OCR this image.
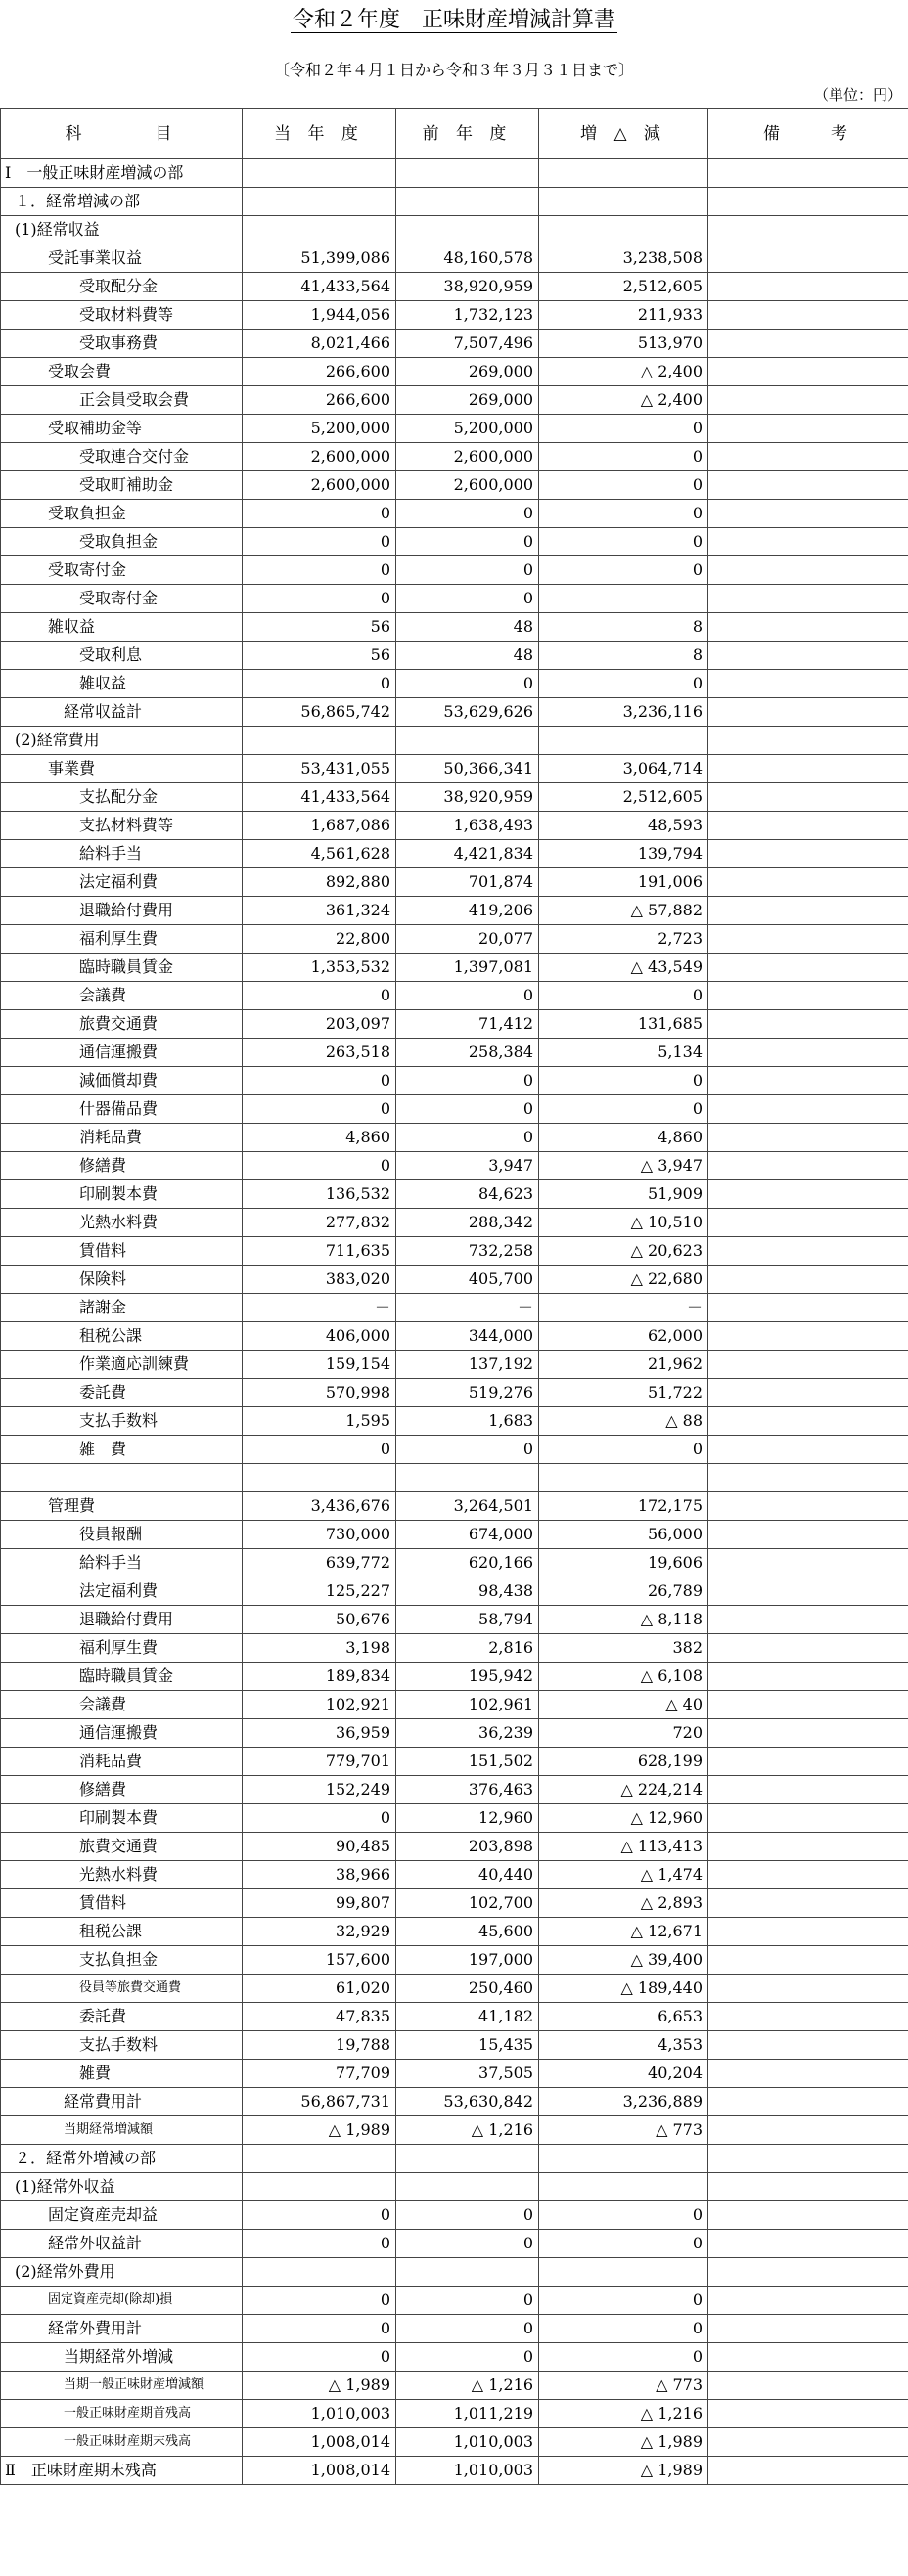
令和２年度　正味財産増減計算書
〔令和２年４月１日から令和３年３月３１日まで〕
（単位：円）
科　　　目	当 年 度	前 年 度	増 △ 減	備　　考
Ⅰ　一般正味財産増減の部				
１．経常増減の部				
(1)経常収益				
受託事業収益	51,399,086	48,160,578	3,238,508	
受取配分金	41,433,564	38,920,959	2,512,605	
受取材料費等	1,944,056	1,732,123	211,933	
受取事務費	8,021,466	7,507,496	513,970	
受取会費	266,600	269,000	△ 2,400	
正会員受取会費	266,600	269,000	△ 2,400	
受取補助金等	5,200,000	5,200,000	0	
受取連合交付金	2,600,000	2,600,000	0	
受取町補助金	2,600,000	2,600,000	0	
受取負担金	0	0	0	
受取負担金	0	0	0	
受取寄付金	0	0	0	
受取寄付金	0	0		
雑収益	56	48	8	
受取利息	56	48	8	
雑収益	0	0	0	
経常収益計	56,865,742	53,629,626	3,236,116	
(2)経常費用				
事業費	53,431,055	50,366,341	3,064,714	
支払配分金	41,433,564	38,920,959	2,512,605	
支払材料費等	1,687,086	1,638,493	48,593	
給料手当	4,561,628	4,421,834	139,794	
法定福利費	892,880	701,874	191,006	
退職給付費用	361,324	419,206	△ 57,882	
福利厚生費	22,800	20,077	2,723	
臨時職員賃金	1,353,532	1,397,081	△ 43,549	
会議費	0	0	0	
旅費交通費	203,097	71,412	131,685	
通信運搬費	263,518	258,384	5,134	
減価償却費	0	0	0	
什器備品費	0	0	0	
消耗品費	4,860	0	4,860	
修繕費	0	3,947	△ 3,947	
印刷製本費	136,532	84,623	51,909	
光熱水料費	277,832	288,342	△ 10,510	
賃借料	711,635	732,258	△ 20,623	
保険料	383,020	405,700	△ 22,680	
諸謝金	－	－	－	
租税公課	406,000	344,000	62,000	
作業適応訓練費	159,154	137,192	21,962	
委託費	570,998	519,276	51,722	
支払手数料	1,595	1,683	△ 88	
雑　費	0	0	0	

管理費	3,436,676	3,264,501	172,175	
役員報酬	730,000	674,000	56,000	
給料手当	639,772	620,166	19,606	
法定福利費	125,227	98,438	26,789	
退職給付費用	50,676	58,794	△ 8,118	
福利厚生費	3,198	2,816	382	
臨時職員賃金	189,834	195,942	△ 6,108	
会議費	102,921	102,961	△ 40	
通信運搬費	36,959	36,239	720	
消耗品費	779,701	151,502	628,199	
修繕費	152,249	376,463	△ 224,214	
印刷製本費	0	12,960	△ 12,960	
旅費交通費	90,485	203,898	△ 113,413	
光熱水料費	38,966	40,440	△ 1,474	
賃借料	99,807	102,700	△ 2,893	
租税公課	32,929	45,600	△ 12,671	
支払負担金	157,600	197,000	△ 39,400	
役員等旅費交通費	61,020	250,460	△ 189,440	
委託費	47,835	41,182	6,653	
支払手数料	19,788	15,435	4,353	
雑費	77,709	37,505	40,204	
経常費用計	56,867,731	53,630,842	3,236,889	
当期経常増減額	△ 1,989	△ 1,216	△ 773	
２．経常外増減の部				
(1)経常外収益				
固定資産売却益	0	0	0	
経常外収益計	0	0	0	
(2)経常外費用				
固定資産売却(除却)損	0	0	0	
経常外費用計	0	0	0	
当期経常外増減	0	0	0	
当期一般正味財産増減額	△ 1,989	△ 1,216	△ 773	
一般正味財産期首残高	1,010,003	1,011,219	△ 1,216	
一般正味財産期末残高	1,008,014	1,010,003	△ 1,989	
Ⅱ　正味財産期末残高	1,008,014	1,010,003	△ 1,989	
